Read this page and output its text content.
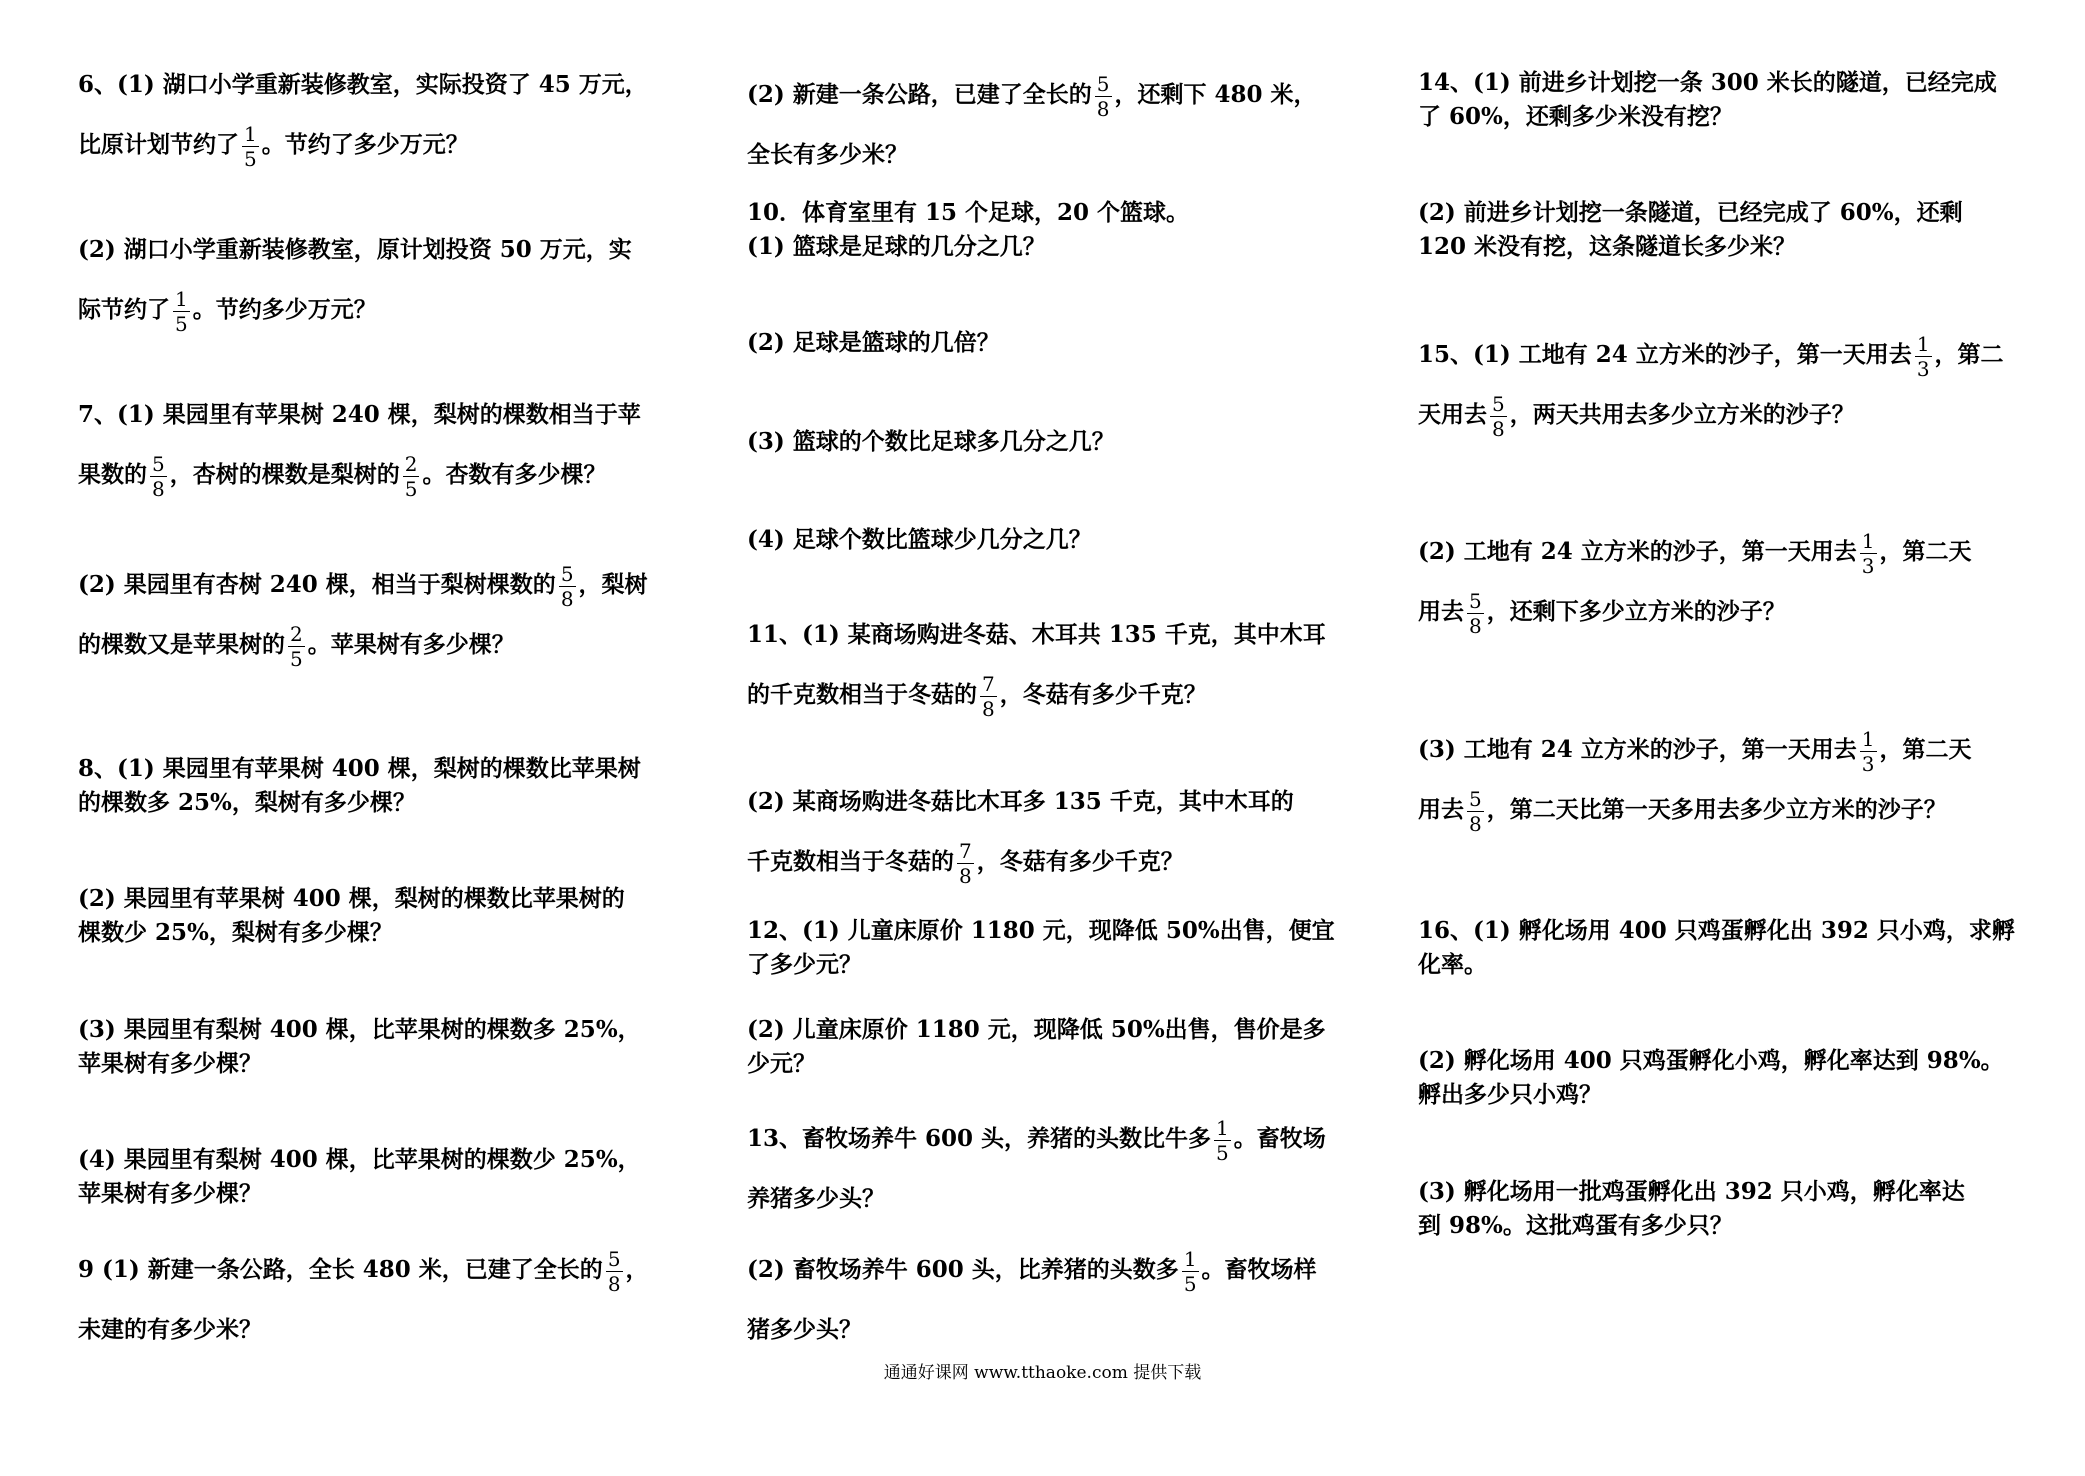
6、(1) 湖口小学重新装修教室，实际投资了 45 万元，
比原计划节约了 $\frac{1}{5}$ 。节约了多少万元？
(2) 湖口小学重新装修教室，原计划投资 50 万元，实
际节约了 $\frac{1}{5}$ 。节约多少万元？
7、(1) 果园里有苹果树 240 棵，梨树的棵数相当于苹
果数的 $\frac{5}{8}$ ，杏树的棵数是梨树的 $\frac{2}{5}$ 。杏数有多少棵？
(2) 果园里有杏树 240 棵，相当于梨树棵数的 $\frac{5}{8}$ ，梨树
的棵数又是苹果树的 $\frac{2}{5}$ 。苹果树有多少棵？
8、(1) 果园里有苹果树 400 棵，梨树的棵数比苹果树
的棵数多 25%，梨树有多少棵？
(2) 果园里有苹果树 400 棵，梨树的棵数比苹果树的
棵数少 25%，梨树有多少棵？
(3) 果园里有梨树 400 棵，比苹果树的棵数多 25%，
苹果树有多少棵？
(4) 果园里有梨树 400 棵，比苹果树的棵数少 25%，
苹果树有多少棵？
9 (1) 新建一条公路，全长 480 米，已建了全长的 $\frac{5}{8}$ ，
未建的有多少米？
(2) 新建一条公路，已建了全长的 $\frac{5}{8}$ ，还剩下 480 米，
全长有多少米？
10．体育室里有 15 个足球，20 个篮球。
(1) 篮球是足球的几分之几？
(2) 足球是篮球的几倍？
(3) 篮球的个数比足球多几分之几？
(4) 足球个数比篮球少几分之几？
11、(1) 某商场购进冬菇、木耳共 135 千克，其中木耳
的千克数相当于冬菇的 $\frac{7}{8}$ ，冬菇有多少千克？
(2) 某商场购进冬菇比木耳多 135 千克，其中木耳的
千克数相当于冬菇的 $\frac{7}{8}$ ，冬菇有多少千克？
12、(1) 儿童床原价 1180 元，现降低 50%出售，便宜
了多少元？
(2) 儿童床原价 1180 元，现降低 50%出售，售价是多
少元？
13、畜牧场养牛 600 头，养猪的头数比牛多 $\frac{1}{5}$ 。畜牧场
养猪多少头？
(2) 畜牧场养牛 600 头，比养猪的头数多 $\frac{1}{5}$ 。畜牧场样
猪多少头？
14、(1) 前进乡计划挖一条 300 米长的隧道，已经完成
了 60%，还剩多少米没有挖？
(2) 前进乡计划挖一条隧道，已经完成了 60%，还剩
120 米没有挖，这条隧道长多少米？
15、(1) 工地有 24 立方米的沙子，第一天用去 $\frac{1}{3}$ ，第二
天用去 $\frac{5}{8}$ ，两天共用去多少立方米的沙子？
(2) 工地有 24 立方米的沙子，第一天用去 $\frac{1}{3}$ ，第二天
用去 $\frac{5}{8}$ ，还剩下多少立方米的沙子？
(3) 工地有 24 立方米的沙子，第一天用去 $\frac{1}{3}$ ，第二天
用去 $\frac{5}{8}$ ，第二天比第一天多用去多少立方米的沙子？
16、(1) 孵化场用 400 只鸡蛋孵化出 392 只小鸡，求孵
化率。
(2) 孵化场用 400 只鸡蛋孵化小鸡，孵化率达到 98%。
孵出多少只小鸡？
(3) 孵化场用一批鸡蛋孵化出 392 只小鸡，孵化率达
到 98%。这批鸡蛋有多少只？
通通好课网 www.tthaoke.com 提供下载
